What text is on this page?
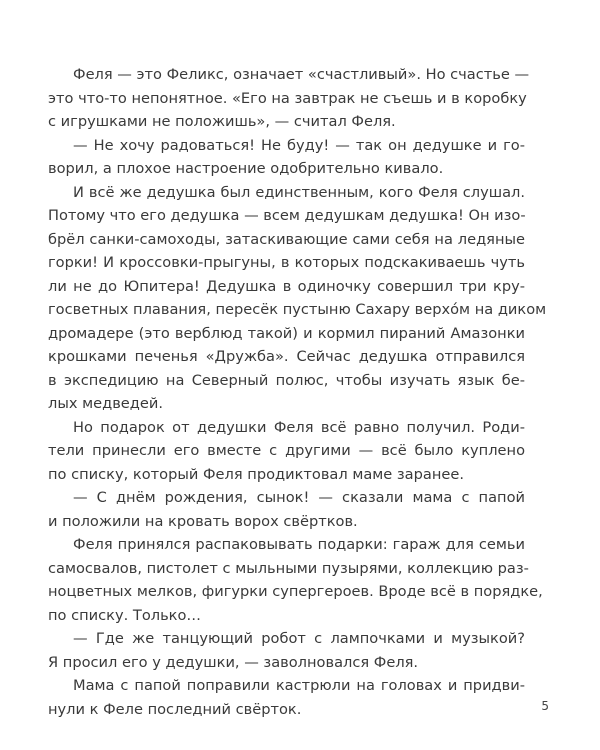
Феля — это Феликс, означает «счастливый». Но счастье —
это что-то непонятное. «Его на завтрак не съешь и в коробку
с игрушками не положишь», — считал Феля.
— Не хочу радоваться! Не буду! — так он дедушке и го-
ворил, а плохое настроение одобрительно кивало.
И всё же дедушка был единственным, кого Феля слушал.
Потому что его дедушка — всем дедушкам дедушка! Он изо-
брёл санки-самоходы, затаскивающие сами себя на ледяные
горки! И кроссовки-прыгуны, в которых подскакиваешь чуть
ли не до Юпитера! Дедушка в одиночку совершил три кру-
госветных плавания, пересёк пустыню Сахару верхо́м на диком
дромадере (это верблюд такой) и кормил пираний Амазонки
крошками печенья «Дружба». Сейчас дедушка отправился
в экспедицию на Северный полюс, чтобы изучать язык бе-
лых медведей.
Но подарок от дедушки Феля всё равно получил. Роди-
тели принесли его вместе с другими — всё было куплено
по списку, который Феля продиктовал маме заранее.
— С днём рождения, сынок! — сказали мама с папой
и положили на кровать ворох свёртков.
Феля принялся распаковывать подарки: гараж для семьи
самосвалов, пистолет с мыльными пузырями, коллекцию раз-
ноцветных мелков, фигурки супергероев. Вроде всё в порядке,
по списку. Только…
— Где же танцующий робот с лампочками и музыкой?
Я просил его у дедушки, — заволновался Феля.
Мама с папой поправили кастрюли на головах и придви-
нули к Феле последний свёрток.	5
